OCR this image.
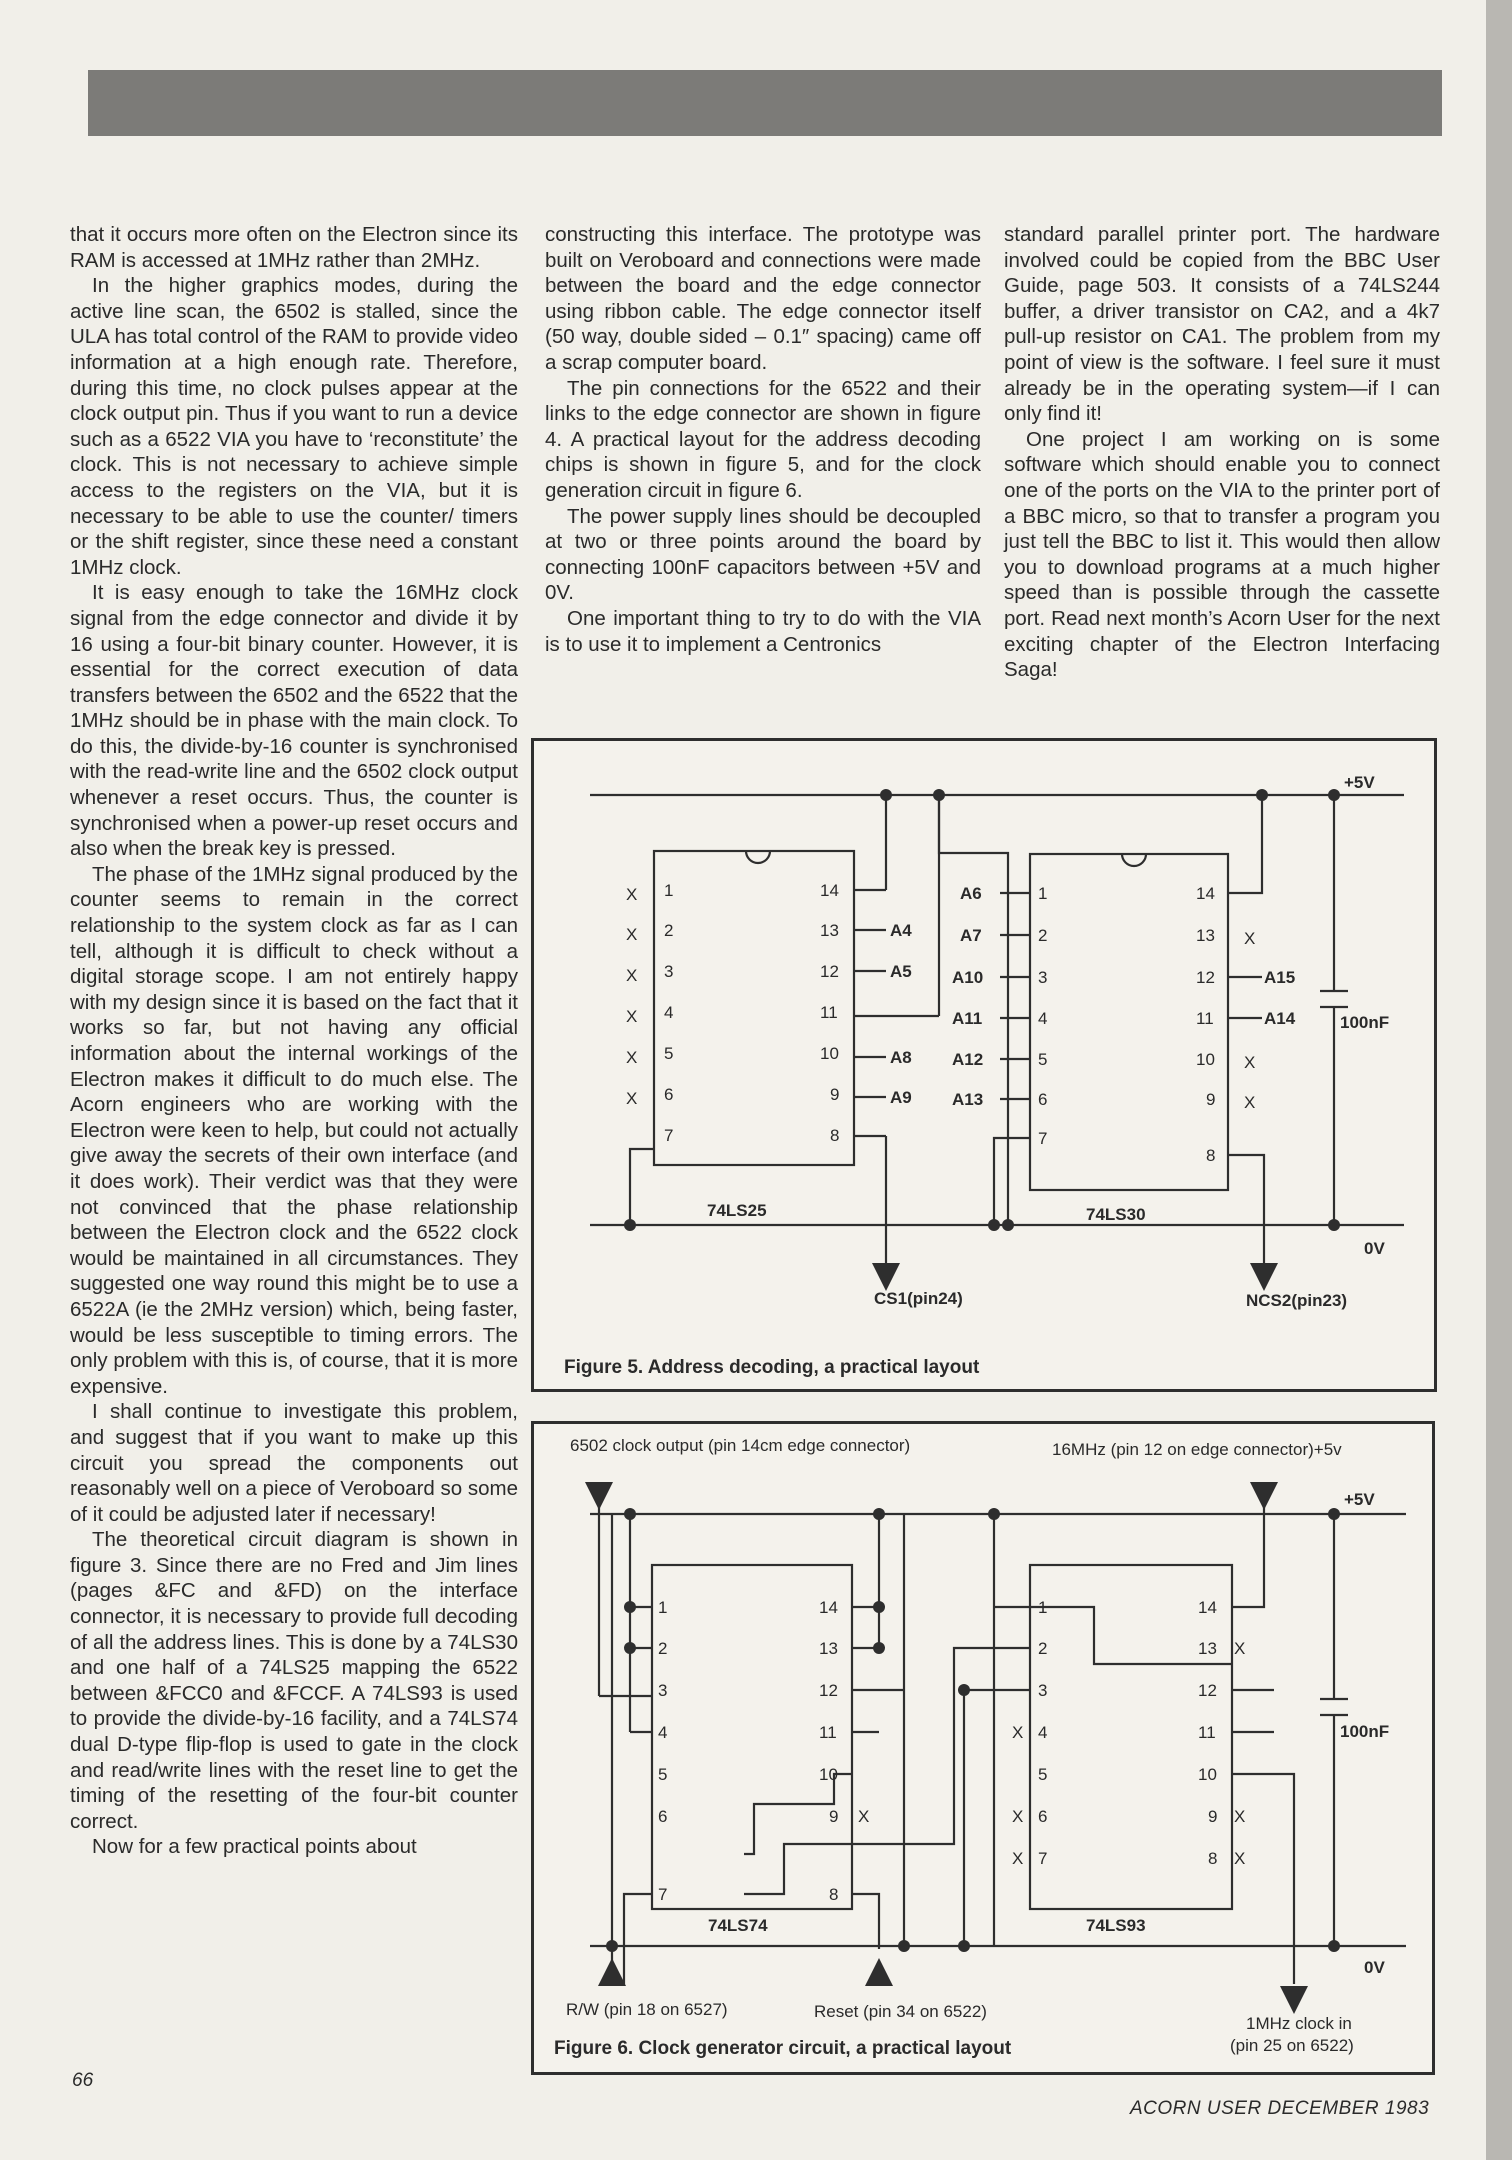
that it occurs more often on the Electron since its RAM is accessed at 1MHz rather than 2MHz.

In the higher graphics modes, during the active line scan, the 6502 is stalled, since the ULA has total control of the RAM to provide video information at a high enough rate. Therefore, during this time, no clock pulses appear at the clock output pin. Thus if you want to run a device such as a 6522 VIA you have to ‘reconstitute’ the clock. This is not necessary to achieve simple access to the registers on the VIA, but it is necessary to be able to use the counter/ timers or the shift register, since these need a constant 1MHz clock.

It is easy enough to take the 16MHz clock signal from the edge connector and divide it by 16 using a four-bit binary counter. However, it is essential for the correct execution of data transfers between the 6502 and the 6522 that the 1MHz should be in phase with the main clock. To do this, the divide-by-16 counter is synchronised with the read-write line and the 6502 clock output whenever a reset occurs. Thus, the counter is synchronised when a power-up reset occurs and also when the break key is pressed.

The phase of the 1MHz signal produced by the counter seems to remain in the correct relationship to the system clock as far as I can tell, although it is difficult to check without a digital storage scope. I am not entirely happy with my design since it is based on the fact that it works so far, but not having any official information about the internal workings of the Electron makes it difficult to do much else. The Acorn engineers who are working with the Electron were keen to help, but could not actually give away the secrets of their own interface (and it does work). Their verdict was that they were not convinced that the phase relationship between the Electron clock and the 6522 clock would be maintained in all circumstances. They suggested one way round this might be to use a 6522A (ie the 2MHz version) which, being faster, would be less susceptible to timing errors. The only problem with this is, of course, that it is more expensive.

I shall continue to investigate this problem, and suggest that if you want to make up this circuit you spread the components out reasonably well on a piece of Veroboard so some of it could be adjusted later if necessary!

The theoretical circuit diagram is shown in figure 3. Since there are no Fred and Jim lines (pages &FC and &FD) on the interface connector, it is necessary to provide full decoding of all the address lines. This is done by a 74LS30 and one half of a 74LS25 mapping the 6522 between &FCC0 and &FCCF. A 74LS93 is used to provide the divide-by-16 facility, and a 74LS74 dual D-type flip-flop is used to gate in the clock and read/write lines with the reset line to get the timing of the resetting of the four-bit counter correct.

Now for a few practical points about

constructing this interface. The prototype was built on Veroboard and connections were made between the board and the edge connector using ribbon cable. The edge connector itself (50 way, double sided – 0.1″ spacing) came off a scrap computer board.

The pin connections for the 6522 and their links to the edge connector are shown in figure 4. A practical layout for the address decoding chips is shown in figure 5, and for the clock generation circuit in figure 6.

The power supply lines should be decoupled at two or three points around the board by connecting 100nF capacitors between +5V and 0V.

One important thing to try to do with the VIA is to use it to implement a Centronics

standard parallel printer port. The hardware involved could be copied from the BBC User Guide, page 503. It consists of a 74LS244 buffer, a driver transistor on CA2, and a 4k7 pull-up resistor on CA1. The problem from my point of view is the software. I feel sure it must already be in the operating system—if I can only find it!

One project I am working on is some software which should enable you to connect one of the ports on the VIA to the printer port of a BBC micro, so that to transfer a program you just tell the BBC to list it. This would then allow you to download programs at a much higher speed than is possible through the cassette port. Read next month’s Acorn User for the next exciting chapter of the Electron Interfacing Saga!

+5V
0V
100nF
1
2
3
4
5
6
7
14
13
12
11
10
9
8
X
X
X
X
X
X
A4
A5
A8
A9
74LS25
1
2
3
4
5
6
7
14
13
12
11
10
9
8
A6
A7
A10
A11
A12
A13
X
X
X
A15
A14
74LS30
CS1(pin24)	NCS2(pin23)
Figure 5. Address decoding, a practical layout
6502 clock output (pin 14cm edge connector)	16MHz (pin 12 on edge connector)+5v
+5V
0V
100nF
1
2
3
4
5
6
7
14
13
12
11
10
9
8
X
74LS74
1
2
3
4
5
6
7
X
X
X
14
13
12
11
10
9
8
X
X
X
74LS93
R/W (pin 18 on 6527)	Reset (pin 34 on 6522)
1MHz clock in
(pin 25 on 6522)
Figure 6. Clock generator circuit, a practical layout
66
ACORN USER DECEMBER 1983
